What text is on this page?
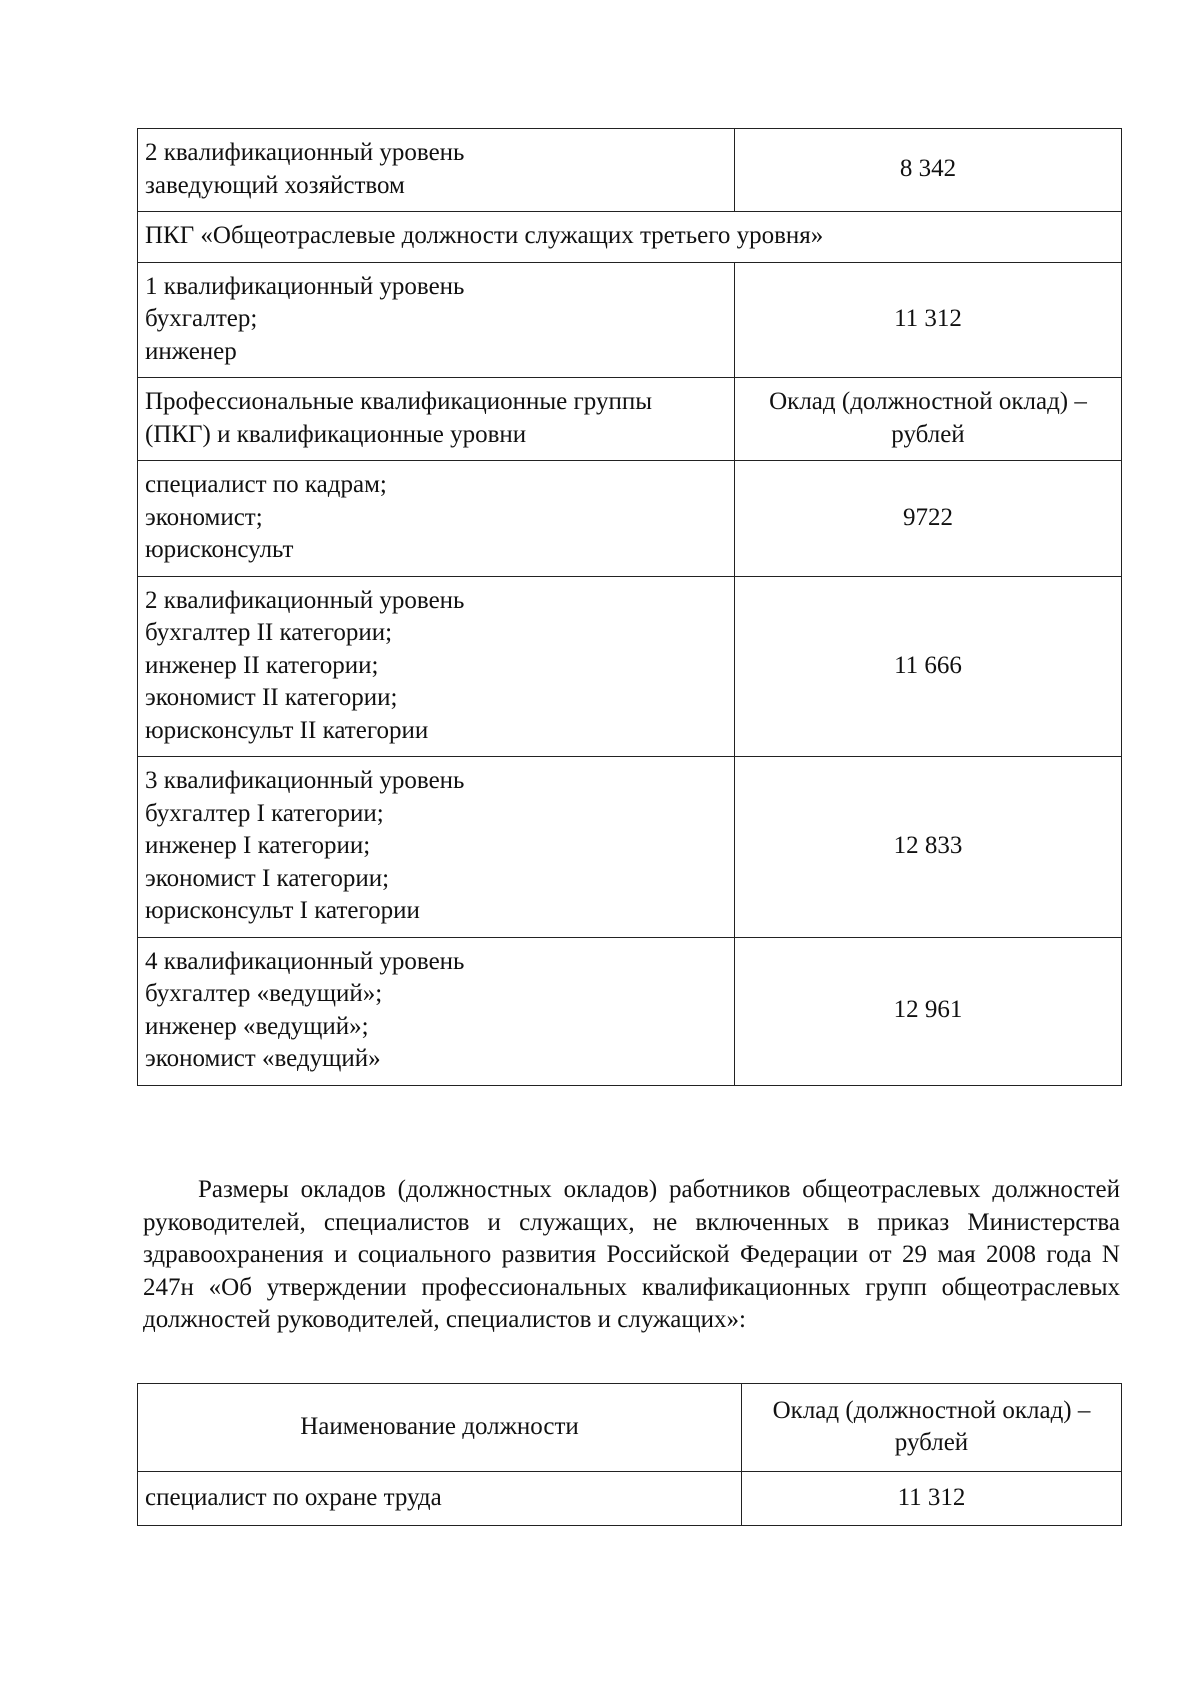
2 квалификационный уровень
заведующий хозяйством	8 342
ПКГ «Общеотраслевые должности служащих третьего уровня»	

1 квалификационный уровень
бухгалтер;
инженер	11 312

Профессиональные квалификационные группы
(ПКГ) и квалификационные уровни	Оклад (должностной оклад) –
рублей

специалист по кадрам;
экономист;
юрисконсульт	9722

2 квалификационный уровень
бухгалтер II категории;
инженер II категории;
экономист II категории;
юрисконсульт II категории	11 666

3 квалификационный уровень
бухгалтер I категории;
инженер I категории;
экономист I категории;
юрисконсульт I категории	12 833

4 квалификационный уровень
бухгалтер «ведущий»;
инженер «ведущий»;
экономист «ведущий»	12 961

Размеры окладов (должностных окладов) работников общеотраслевых должностей руководителей, специалистов и служащих, не включенных в приказ Министерства здравоохранения и социального развития Российской Федерации от 29 мая 2008 года N 247н «Об утверждении профессиональных квалификационных групп общеотраслевых должностей руководителей, специалистов и служащих»:

Наименование должности	Оклад (должностной оклад) –
рублей

специалист по охране труда	11 312
